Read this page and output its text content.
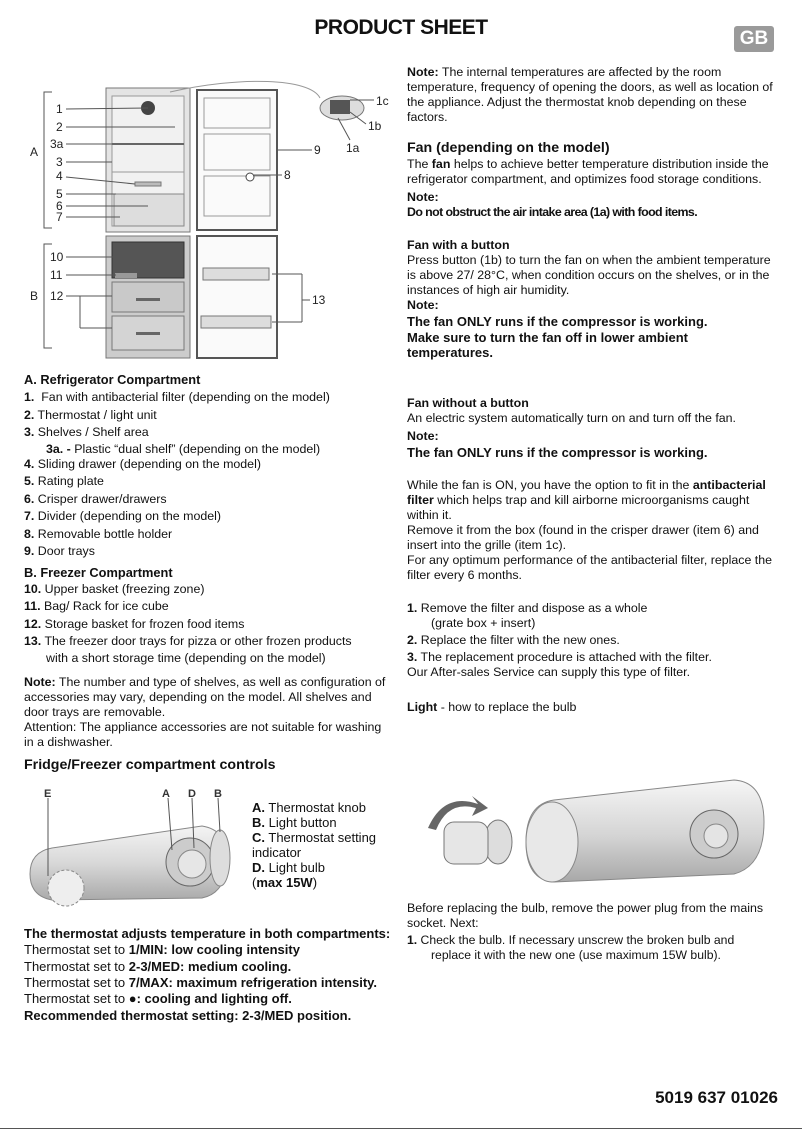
PRODUCT SHEET	GB
1
2
3a
3
4
5
6
7
8
9 1a
1b
1c
10
11
12	13
A
B

A. Refrigerator Compartment

1.  Fan with antibacterial filter (depending on the model)
2. Thermostat / light unit
3. Shelves / Shelf area
3a. - Plastic “dual shelf” (depending on the model)
4. Sliding drawer (depending on the model)
5. Rating plate
6. Crisper drawer/drawers
7. Divider (depending on the model)
8. Removable bottle holder
9. Door trays

B. Freezer Compartment

10. Upper basket (freezing zone)
11. Bag/ Rack for ice cube
12. Storage basket for frozen food items
13. The freezer door trays for pizza or other frozen products
with a short storage time (depending on the model)

Note: The number and type of shelves, as well as configuration of accessories may vary, depending on the model. All shelves and door trays are removable.

Attention: The appliance accessories are not suitable for washing in a dishwasher.

Fridge/Freezer compartment controls

E	A D B
A. Thermostat knob
B. Light button
C. Thermostat setting indicator
D. Light bulb
(max 15W)

The thermostat adjusts temperature in both compartments:

Thermostat set to 1/MIN: low cooling intensity

Thermostat set to 2-3/MED: medium cooling.

Thermostat set to 7/MAX: maximum refrigeration intensity.

Thermostat set to ●: cooling and lighting off.

Recommended thermostat setting: 2-3/MED position.

Note: The internal temperatures are affected by the room temperature, frequency of opening the doors, as well as location of the appliance. Adjust the thermostat knob depending on these factors.

Fan (depending on the model)

The fan helps to achieve better temperature distribution inside the refrigerator compartment, and optimizes food storage conditions.

Note:

Do not obstruct the air intake area (1a) with food items.

Fan with a button

Press button (1b) to turn the fan on when the ambient temperature is above 27/ 28°C, when condition occurs on the shelves, or in the instances of high air humidity.

Note:

The fan ONLY runs if the compressor is working.

Make sure to turn the fan off in lower ambient temperatures.

Fan without a button

An electric system automatically turn on and turn off the fan.

Note:

The fan ONLY runs if the compressor is working.

While the fan is ON, you have the option to fit in the antibacterial filter which helps trap and kill airborne microorganisms caught within it.

Remove it from the box (found in the crisper drawer (item 6) and insert into the grille (item 1c).

For any optimum performance of the antibacterial filter, replace the filter every 6 months.

1. Remove the filter and dispose as a whole
(grate box + insert)
2. Replace the filter with the new ones.
3. The replacement procedure is attached with the filter.

Our After-sales Service can supply this type of filter.

Light - how to replace the bulb

Before replacing the bulb, remove the power plug from the mains socket. Next:

1. Check the bulb. If necessary unscrew the broken bulb and
replace it with the new one (use maximum 15W bulb).
5019 637 01026
